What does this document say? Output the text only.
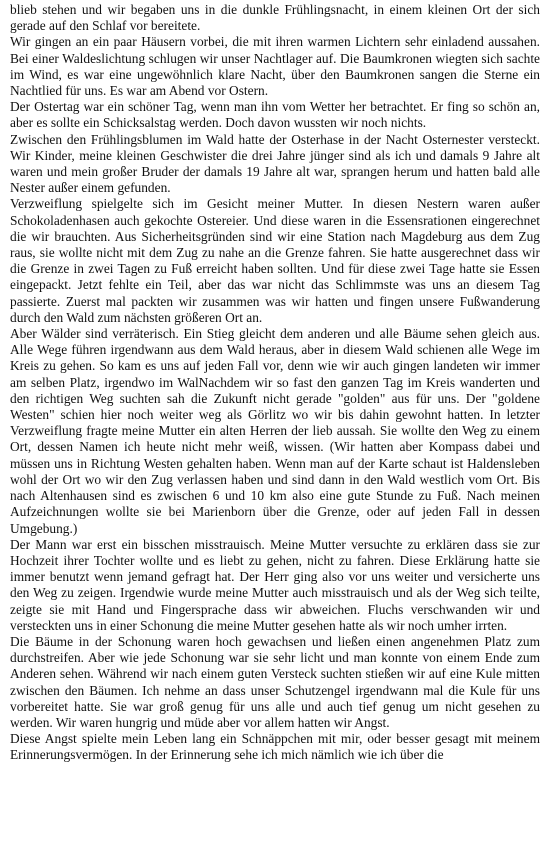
blieb stehen und wir begaben uns in die dunkle Frühlingsnacht, in einem kleinen Ort der sich gerade auf den Schlaf vor bereitete.

Wir gingen an ein paar Häusern vorbei, die mit ihren warmen Lichtern sehr einladend aussahen. Bei einer Waldeslichtung schlugen wir unser Nachtlager auf. Die Baumkronen wiegten sich sachte im Wind, es war eine ungewöhnlich klare Nacht, über den Baumkronen sangen die Sterne ein Nachtlied für uns. Es war am Abend vor Ostern.

Der Ostertag war ein schöner Tag, wenn man ihn vom Wetter her betrachtet. Er fing so schön an, aber es sollte ein Schicksalstag werden. Doch davon wussten wir noch nichts.

Zwischen den Frühlingsblumen im Wald hatte der Osterhase in der Nacht Osternester versteckt. Wir Kinder, meine kleinen Geschwister die drei Jahre jünger sind als ich und damals 9 Jahre alt waren und mein großer Bruder der damals 19 Jahre alt war, sprangen herum und hatten bald alle Nester außer einem gefunden.

Verzweiflung spielgelte sich im Gesicht meiner Mutter. In diesen Nestern waren außer Schokoladenhasen auch gekochte Ostereier. Und diese waren in die Essensrationen eingerechnet die wir brauchten. Aus Sicherheitsgründen sind wir eine Station nach Magdeburg aus dem Zug raus, sie wollte nicht mit dem Zug zu nahe an die Grenze fahren. Sie hatte ausgerechnet dass wir die Grenze in zwei Tagen zu Fuß erreicht haben sollten. Und für diese zwei Tage hatte sie Essen eingepackt. Jetzt fehlte ein Teil, aber das war nicht das Schlimmste was uns an diesem Tag passierte. Zuerst mal packten wir zusammen was wir hatten und fingen unsere Fußwanderung durch den Wald zum nächsten größeren Ort an.

Aber Wälder sind verräterisch. Ein Stieg gleicht dem anderen und alle Bäume sehen gleich aus. Alle Wege führen irgendwann aus dem Wald heraus, aber in diesem Wald schienen alle Wege im Kreis zu gehen. So kam es uns auf jeden Fall vor, denn wie wir auch gingen landeten wir immer am selben Platz, irgendwo im WalNachdem wir so fast den ganzen Tag im Kreis wanderten und den richtigen Weg suchten sah die Zukunft nicht gerade "golden" aus für uns. Der "goldene Westen" schien hier noch weiter weg als Görlitz wo wir bis dahin gewohnt hatten. In letzter Verzweiflung fragte meine Mutter ein alten Herren der lieb aussah. Sie wollte den Weg zu einem Ort, dessen Namen ich heute nicht mehr weiß, wissen. (Wir hatten aber Kompass dabei und müssen uns in Richtung Westen gehalten haben. Wenn man auf der Karte schaut ist Haldensleben wohl der Ort wo wir den Zug verlassen haben und sind dann in den Wald westlich vom Ort. Bis nach Altenhausen sind es zwischen 6 und 10 km also eine gute Stunde zu Fuß. Nach meinen Aufzeichnungen wollte sie bei Marienborn über die Grenze, oder auf jeden Fall in dessen Umgebung.)

Der Mann war erst ein bisschen misstrauisch. Meine Mutter versuchte zu erklären dass sie zur Hochzeit ihrer Tochter wollte und es liebt zu gehen, nicht zu fahren. Diese Erklärung hatte sie immer benutzt wenn jemand gefragt hat. Der Herr ging also vor uns weiter und versicherte uns den Weg zu zeigen. Irgendwie wurde meine Mutter auch misstrauisch und als der Weg sich teilte, zeigte sie mit Hand und Fingersprache dass wir abweichen. Fluchs verschwanden wir und versteckten uns in einer Schonung die meine Mutter gesehen hatte als wir noch umher irrten.

Die Bäume in der Schonung waren hoch gewachsen und ließen einen angenehmen Platz zum durchstreifen. Aber wie jede Schonung war sie sehr licht und man konnte von einem Ende zum Anderen sehen. Während wir nach einem guten Versteck suchten stießen wir auf eine Kule mitten zwischen den Bäumen. Ich nehme an dass unser Schutzengel irgendwann mal die Kule für uns vorbereitet hatte. Sie war groß genug für uns alle und auch tief genug um nicht gesehen zu werden. Wir waren hungrig und müde aber vor allem hatten wir Angst.

Diese Angst spielte mein Leben lang ein Schnäppchen mit mir, oder besser gesagt mit meinem Erinnerungsvermögen. In der Erinnerung sehe ich mich nämlich wie ich über die
